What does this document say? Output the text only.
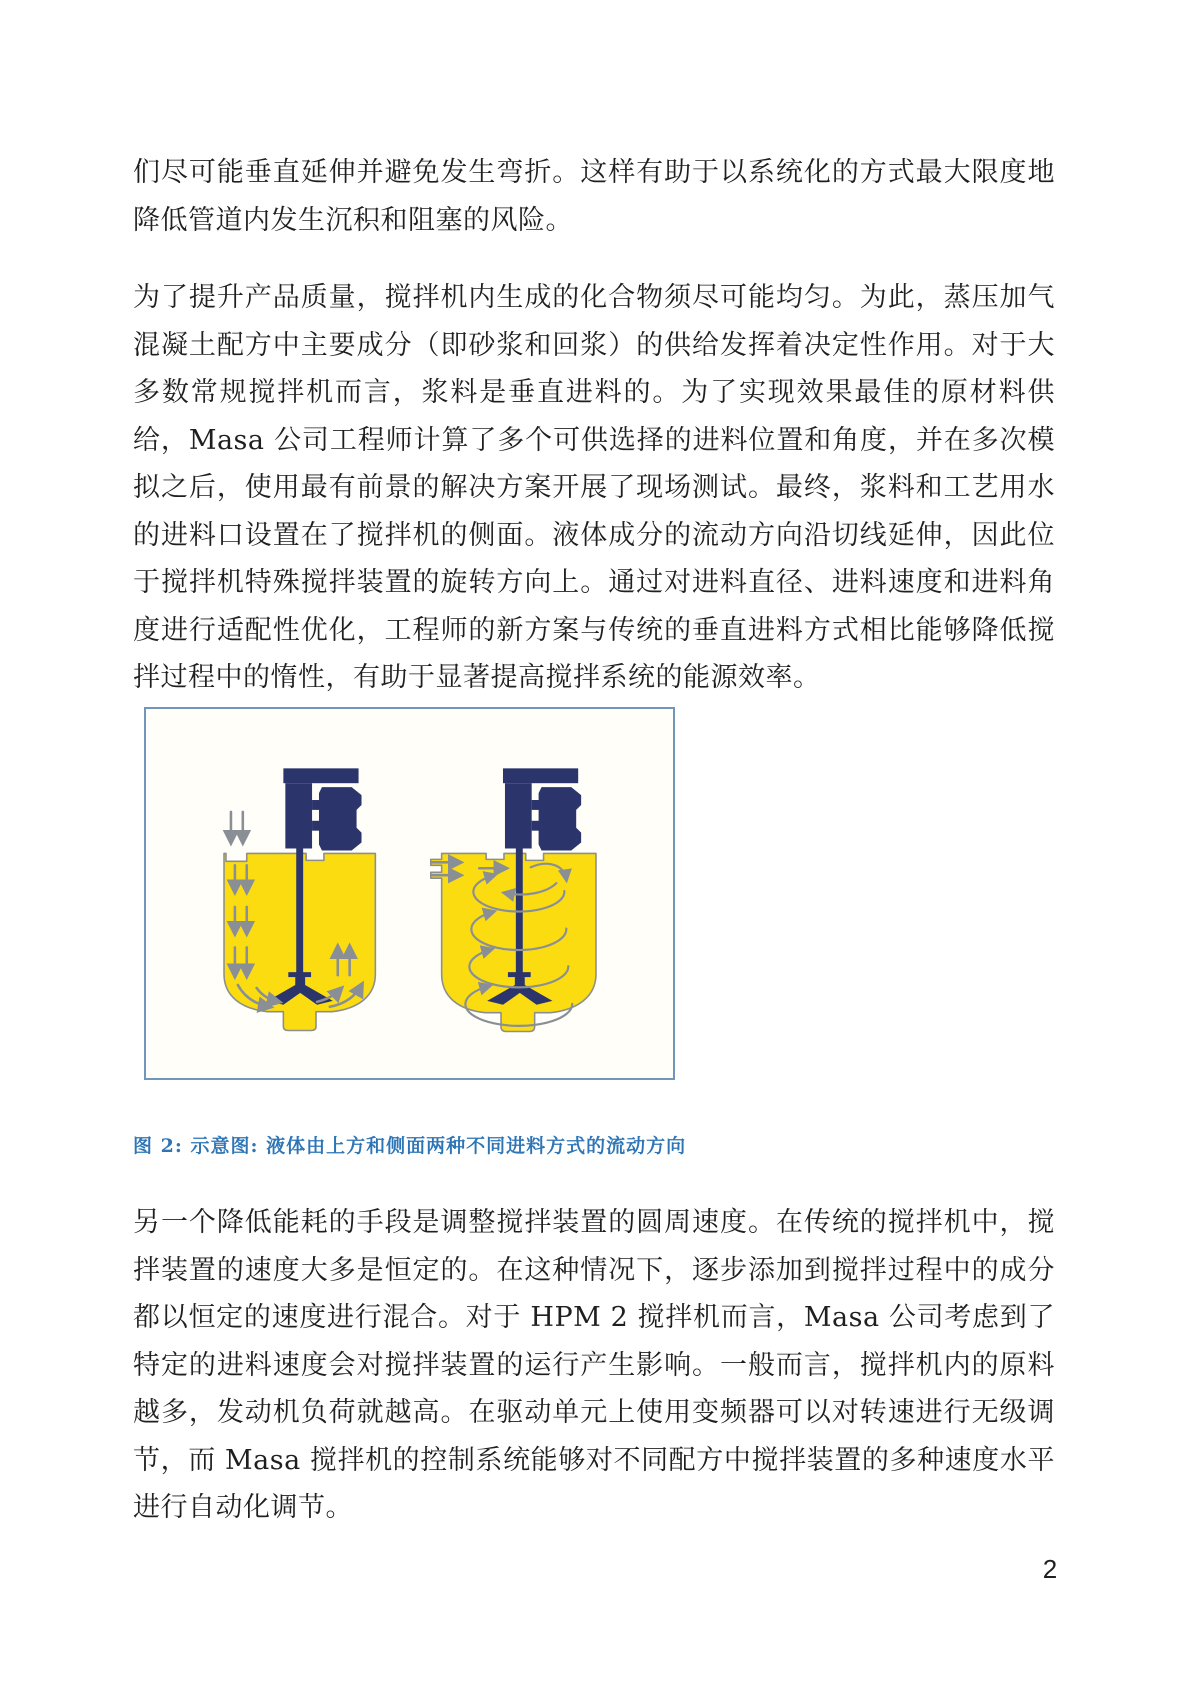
们尽可能垂直延伸并避免发生弯折。这样有助于以系统化的方式最大限度地降低管道内发生沉积和阻塞的风险。

为了提升产品质量，搅拌机内生成的化合物须尽可能均匀。为此，蒸压加气混凝土配方中主要成分（即砂浆和回浆）的供给发挥着决定性作用。对于大多数常规搅拌机而言，浆料是垂直进料的。为了实现效果最佳的原材料供给，Masa 公司工程师计算了多个可供选择的进料位置和角度，并在多次模拟之后，使用最有前景的解决方案开展了现场测试。最终，浆料和工艺用水的进料口设置在了搅拌机的侧面。液体成分的流动方向沿切线延伸，因此位于搅拌机特殊搅拌装置的旋转方向上。通过对进料直径、进料速度和进料角度进行适配性优化，工程师的新方案与传统的垂直进料方式相比能够降低搅拌过程中的惰性，有助于显著提高搅拌系统的能源效率。

图 2: 示意图: 液体由上方和侧面两种不同进料方式的流动方向

另一个降低能耗的手段是调整搅拌装置的圆周速度。在传统的搅拌机中，搅拌装置的速度大多是恒定的。在这种情况下，逐步添加到搅拌过程中的成分都以恒定的速度进行混合。对于 HPM 2 搅拌机而言，Masa 公司考虑到了特定的进料速度会对搅拌装置的运行产生影响。一般而言，搅拌机内的原料越多，发动机负荷就越高。在驱动单元上使用变频器可以对转速进行无级调节，而 Masa 搅拌机的控制系统能够对不同配方中搅拌装置的多种速度水平进行自动化调节。

2
